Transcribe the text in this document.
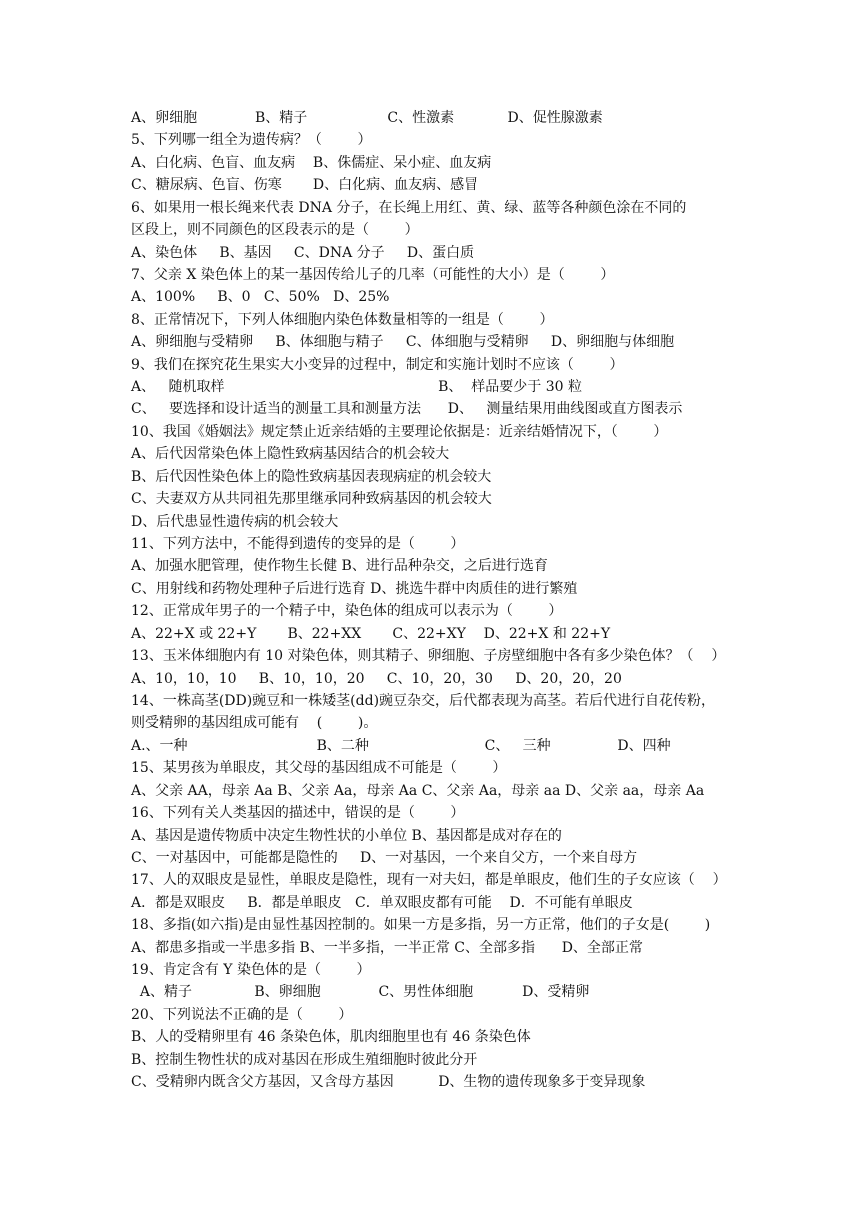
A、卵细胞             B、精子                  C、性激素            D、促性腺激素
5、下列哪一组全为遗传病？（        ）
A、白化病、色盲、血友病    B、侏儒症、呆小症、血友病
C、糖尿病、色盲、伤寒       D、白化病、血友病、感冒
6、如果用一根长绳来代表 DNA 分子，在长绳上用红、黄、绿、蓝等各种颜色涂在不同的
区段上，则不同颜色的区段表示的是（        ）
A、染色体     B、基因     C、DNA 分子     D、蛋白质
7、父亲 X 染色体上的某一基因传给儿子的几率（可能性的大小）是（        ）
A、100%     B、0   C、50%   D、25%
8、正常情况下，下列人体细胞内染色体数量相等的一组是（        ）
A、卵细胞与受精卵     B、体细胞与精子     C、体细胞与受精卵     D、卵细胞与体细胞
9、我们在探究花生果实大小变异的过程中，制定和实施计划时不应该（        ）
A、   随机取样                                                B、  样品要少于 30 粒
C、   要选择和设计适当的测量工具和测量方法      D、   测量结果用曲线图或直方图表示
10、我国《婚姻法》规定禁止近亲结婚的主要理论依据是：近亲结婚情况下，（        ）
A、后代因常染色体上隐性致病基因结合的机会较大
B、后代因性染色体上的隐性致病基因表现病症的机会较大
C、夫妻双方从共同祖先那里继承同种致病基因的机会较大
D、后代患显性遗传病的机会较大
11、下列方法中，不能得到遗传的变异的是（        ）
A、加强水肥管理，使作物生长健 B、进行品种杂交，之后进行选育
C、用射线和药物处理种子后进行选育 D、挑选牛群中肉质佳的进行繁殖
12、正常成年男子的一个精子中，染色体的组成可以表示为（        ）
A、22+X 或 22+Y       B、22+XX       C、22+XY    D、22+X 和 22+Y
13、玉米体细胞内有 10 对染色体，则其精子、卵细胞、子房壁细胞中各有多少染色体？（    ）
A、10，10，10     B、10，10，20     C、10，20，30     D、20，20，20
14、一株高茎(DD)豌豆和一株矮茎(dd)豌豆杂交，后代都表现为高茎。若后代进行自花传粉，
则受精卵的基因组成可能有    (        )。
A.、一种                             B、二种                          C、   三种               D、四种
15、某男孩为单眼皮，其父母的基因组成不可能是（        ）
A、父亲 AA，母亲 Aa B、父亲 Aa，母亲 Aa C、父亲 Aa，母亲 aa D、父亲 aa，母亲 Aa
16、下列有关人类基因的描述中，错误的是（        ）
A、基因是遗传物质中决定生物性状的小单位 B、基因都是成对存在的
C、一对基因中，可能都是隐性的     D、一对基因，一个来自父方，一个来自母方
17、人的双眼皮是显性，单眼皮是隐性，现有一对夫妇，都是单眼皮，他们生的子女应该（    ）
A．都是双眼皮     B．都是单眼皮   C．单双眼皮都有可能    D．不可能有单眼皮
18、多指(如六指)是由显性基因控制的。如果一方是多指，另一方正常，他们的子女是(        )
A、都患多指或一半患多指 B、一半多指，一半正常 C、全部多指      D、全部正常
19、肯定含有 Y 染色体的是（        ）
A、精子              B、卵细胞             C、男性体细胞           D、受精卵
20、下列说法不正确的是（        ）
B、人的受精卵里有 46 条染色体，肌肉细胞里也有 46 条染色体
B、控制生物性状的成对基因在形成生殖细胞时彼此分开
C、受精卵内既含父方基因，又含母方基因          D、生物的遗传现象多于变异现象
